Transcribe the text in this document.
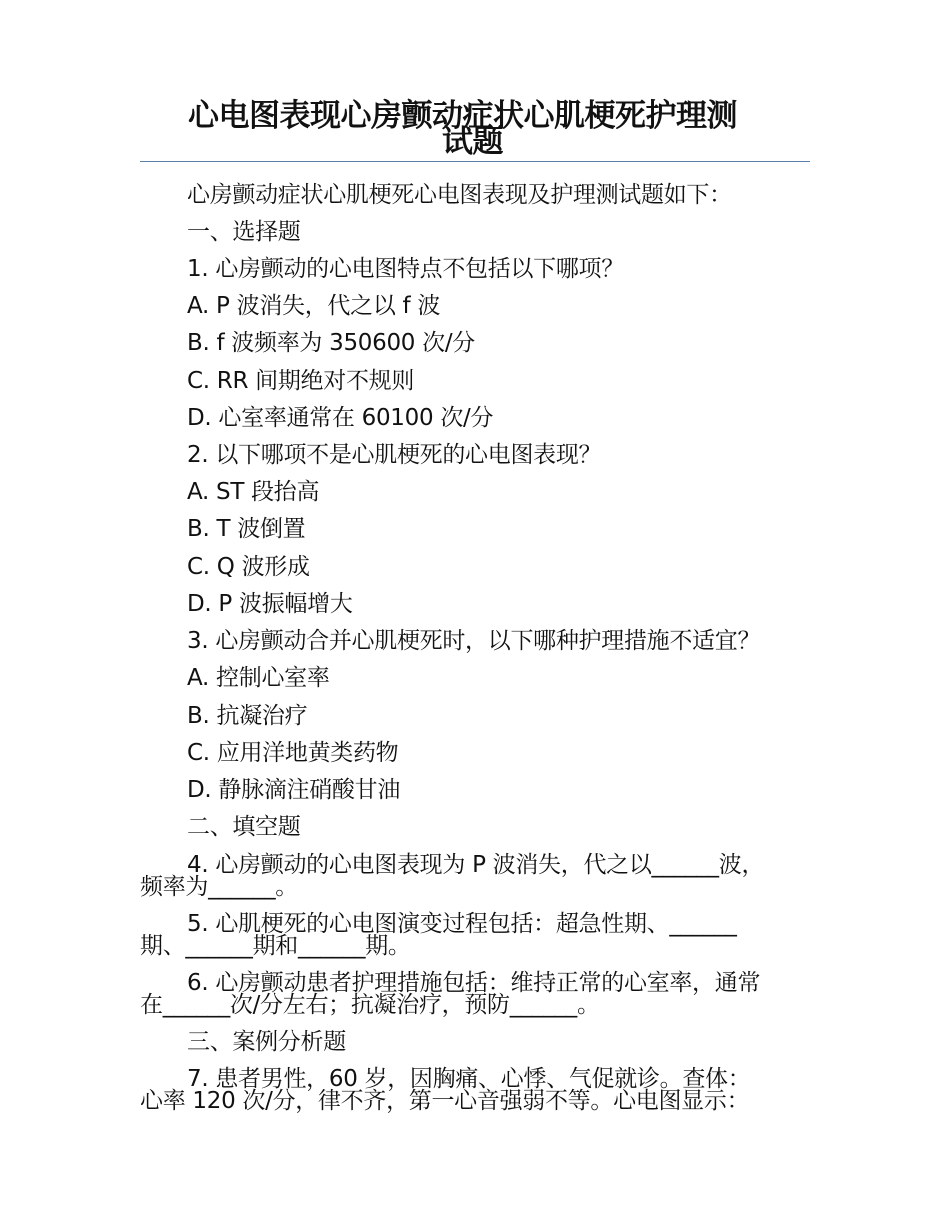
心电图表现心房颤动症状心肌梗死护理测
试题
心房颤动症状心肌梗死心电图表现及护理测试题如下：
一、选择题
1. 心房颤动的心电图特点不包括以下哪项？
A. P 波消失，代之以 f 波
B. f 波频率为 350600 次/分
C. RR 间期绝对不规则
D. 心室率通常在 60100 次/分
2. 以下哪项不是心肌梗死的心电图表现？
A. ST 段抬高
B. T 波倒置
C. Q 波形成
D. P 波振幅增大
3. 心房颤动合并心肌梗死时，以下哪种护理措施不适宜？
A. 控制心室率
B. 抗凝治疗
C. 应用洋地黄类药物
D. 静脉滴注硝酸甘油
二、填空题
4. 心房颤动的心电图表现为 P 波消失，代之以______波，
频率为______。
5. 心肌梗死的心电图演变过程包括：超急性期、______
期、______期和______期。
6. 心房颤动患者护理措施包括：维持正常的心室率，通常
在______次/分左右；抗凝治疗，预防______。
三、案例分析题
7. 患者男性，60 岁，因胸痛、心悸、气促就诊。查体：
心率 120 次/分，律不齐，第一心音强弱不等。心电图显示：
